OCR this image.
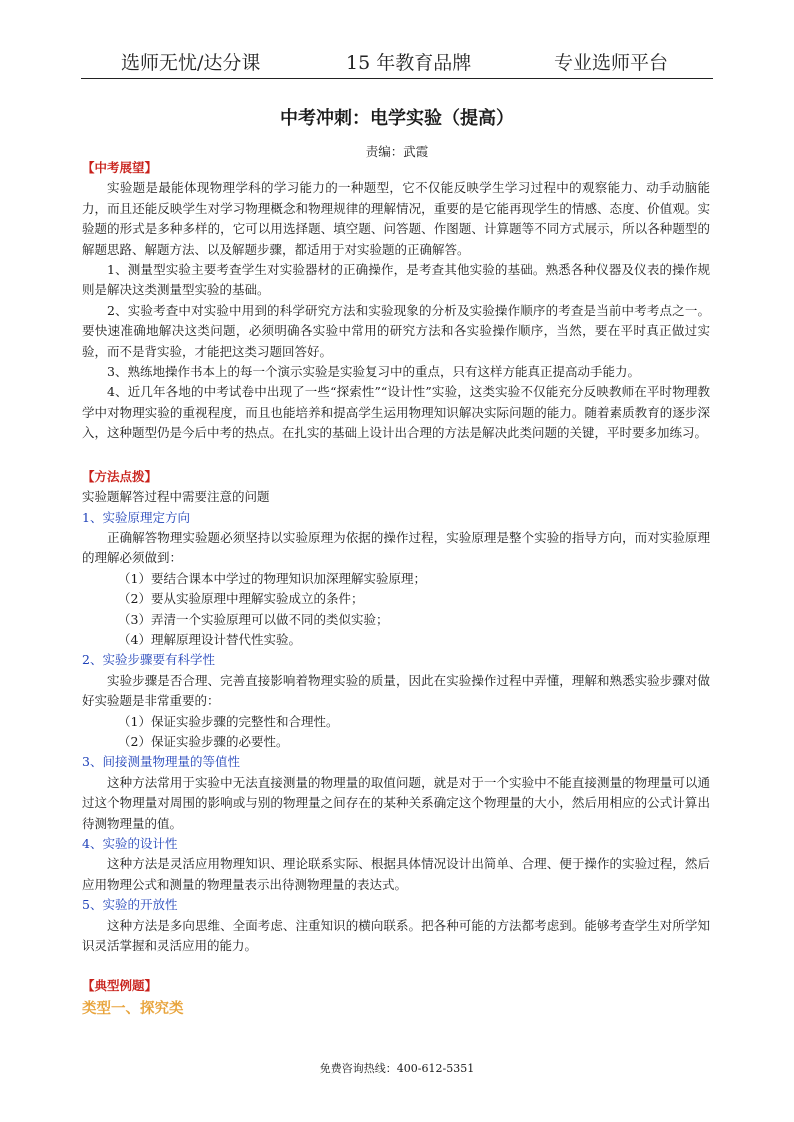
选师无忧/达分课	15 年教育品牌	专业选师平台
中考冲刺：电学实验（提高）
责编：武霞

【中考展望】

实验题是最能体现物理学科的学习能力的一种题型，它不仅能反映学生学习过程中的观察能力、动手动脑能力，而且还能反映学生对学习物理概念和物理规律的理解情况，重要的是它能再现学生的情感、态度、价值观。实验题的形式是多种多样的，它可以用选择题、填空题、问答题、作图题、计算题等不同方式展示，所以各种题型的解题思路、解题方法、以及解题步骤，都适用于对实验题的正确解答。

1、测量型实验主要考查学生对实验器材的正确操作，是考查其他实验的基础。熟悉各种仪器及仪表的操作规则是解决这类测量型实验的基础。

2、实验考查中对实验中用到的科学研究方法和实验现象的分析及实验操作顺序的考查是当前中考考点之一。要快速准确地解决这类问题，必须明确各实验中常用的研究方法和各实验操作顺序，当然，要在平时真正做过实验，而不是背实验，才能把这类习题回答好。

3、熟练地操作书本上的每一个演示实验是实验复习中的重点，只有这样方能真正提高动手能力。

4、近几年各地的中考试卷中出现了一些“探索性”“设计性”实验，这类实验不仅能充分反映教师在平时物理教学中对物理实验的重视程度，而且也能培养和提高学生运用物理知识解决实际问题的能力。随着素质教育的逐步深入，这种题型仍是今后中考的热点。在扎实的基础上设计出合理的方法是解决此类问题的关键，平时要多加练习。

【方法点拨】

实验题解答过程中需要注意的问题

1、实验原理定方向

正确解答物理实验题必须坚持以实验原理为依据的操作过程，实验原理是整个实验的指导方向，而对实验原理的理解必须做到：

（1）要结合课本中学过的物理知识加深理解实验原理；

（2）要从实验原理中理解实验成立的条件；

（3）弄清一个实验原理可以做不同的类似实验；

（4）理解原理设计替代性实验。

2、实验步骤要有科学性

实验步骤是否合理、完善直接影响着物理实验的质量，因此在实验操作过程中弄懂，理解和熟悉实验步骤对做好实验题是非常重要的：

（1）保证实验步骤的完整性和合理性。

（2）保证实验步骤的必要性。

3、间接测量物理量的等值性

这种方法常用于实验中无法直接测量的物理量的取值问题，就是对于一个实验中不能直接测量的物理量可以通过这个物理量对周围的影响或与别的物理量之间存在的某种关系确定这个物理量的大小，然后用相应的公式计算出待测物理量的值。

4、实验的设计性

这种方法是灵活应用物理知识、理论联系实际、根据具体情况设计出简单、合理、便于操作的实验过程，然后应用物理公式和测量的物理量表示出待测物理量的表达式。

5、实验的开放性

这种方法是多向思维、全面考虑、注重知识的横向联系。把各种可能的方法都考虑到。能够考查学生对所学知识灵活掌握和灵活应用的能力。

【典型例题】

类型一、探究类

免费咨询热线：400-612-5351
